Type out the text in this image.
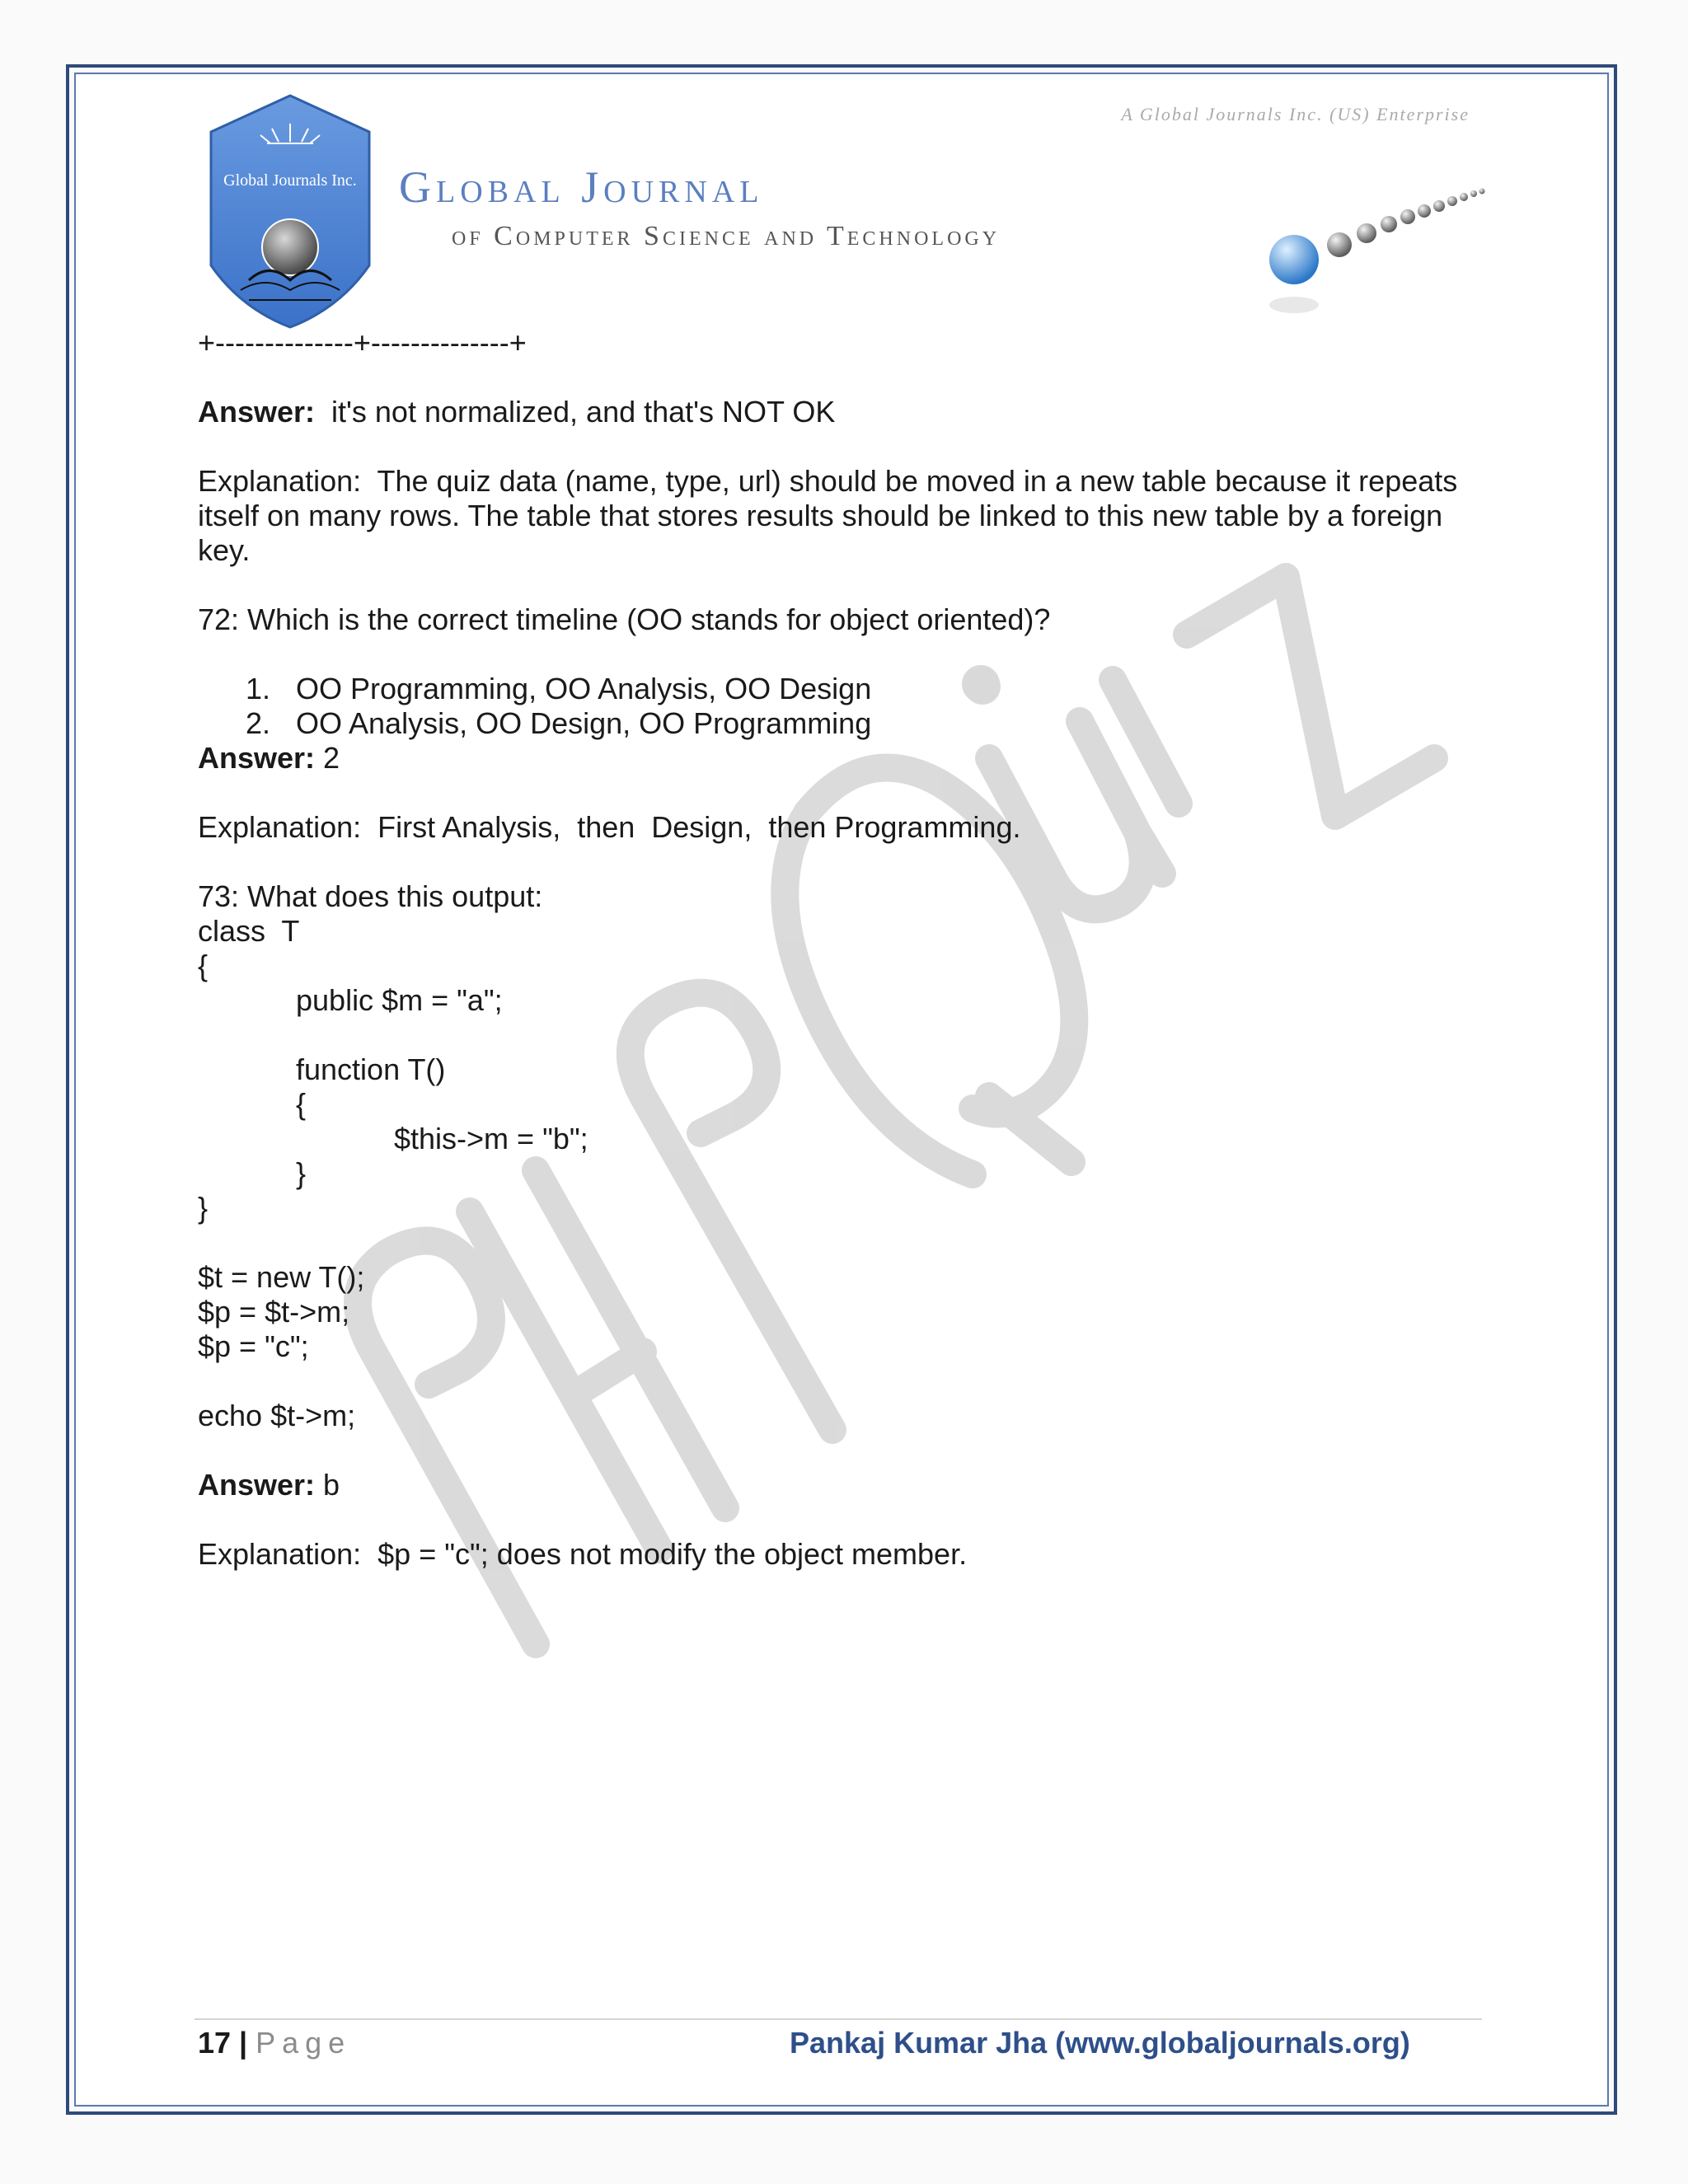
A Global Journals Inc. (US) Enterprise
Global Journals Inc. Global Journal
of Computer Science and Technology

+--------------+--------------+

Answer:  it's not normalized, and that's NOT OK

Explanation:  The quiz data (name, type, url) should be moved in a new table because it repeats

itself on many rows. The table that stores results should be linked to this new table by a foreign

key.

72: Which is the correct timeline (OO stands for object oriented)?

1. OO Programming, OO Analysis, OO Design
2. OO Analysis, OO Design, OO Programming

Answer: 2

Explanation:  First Analysis,  then  Design,  then Programming.

73: What does this output:

class  T

{

public $m = "a";

function T()

{

$this->m = "b";

}

}

$t = new T();

$p = $t->m;

$p = "c";

echo $t->m;

Answer: b

Explanation:  $p = "c"; does not modify the object member.

17 | Page	Pankaj Kumar Jha (www.globaljournals.org)
